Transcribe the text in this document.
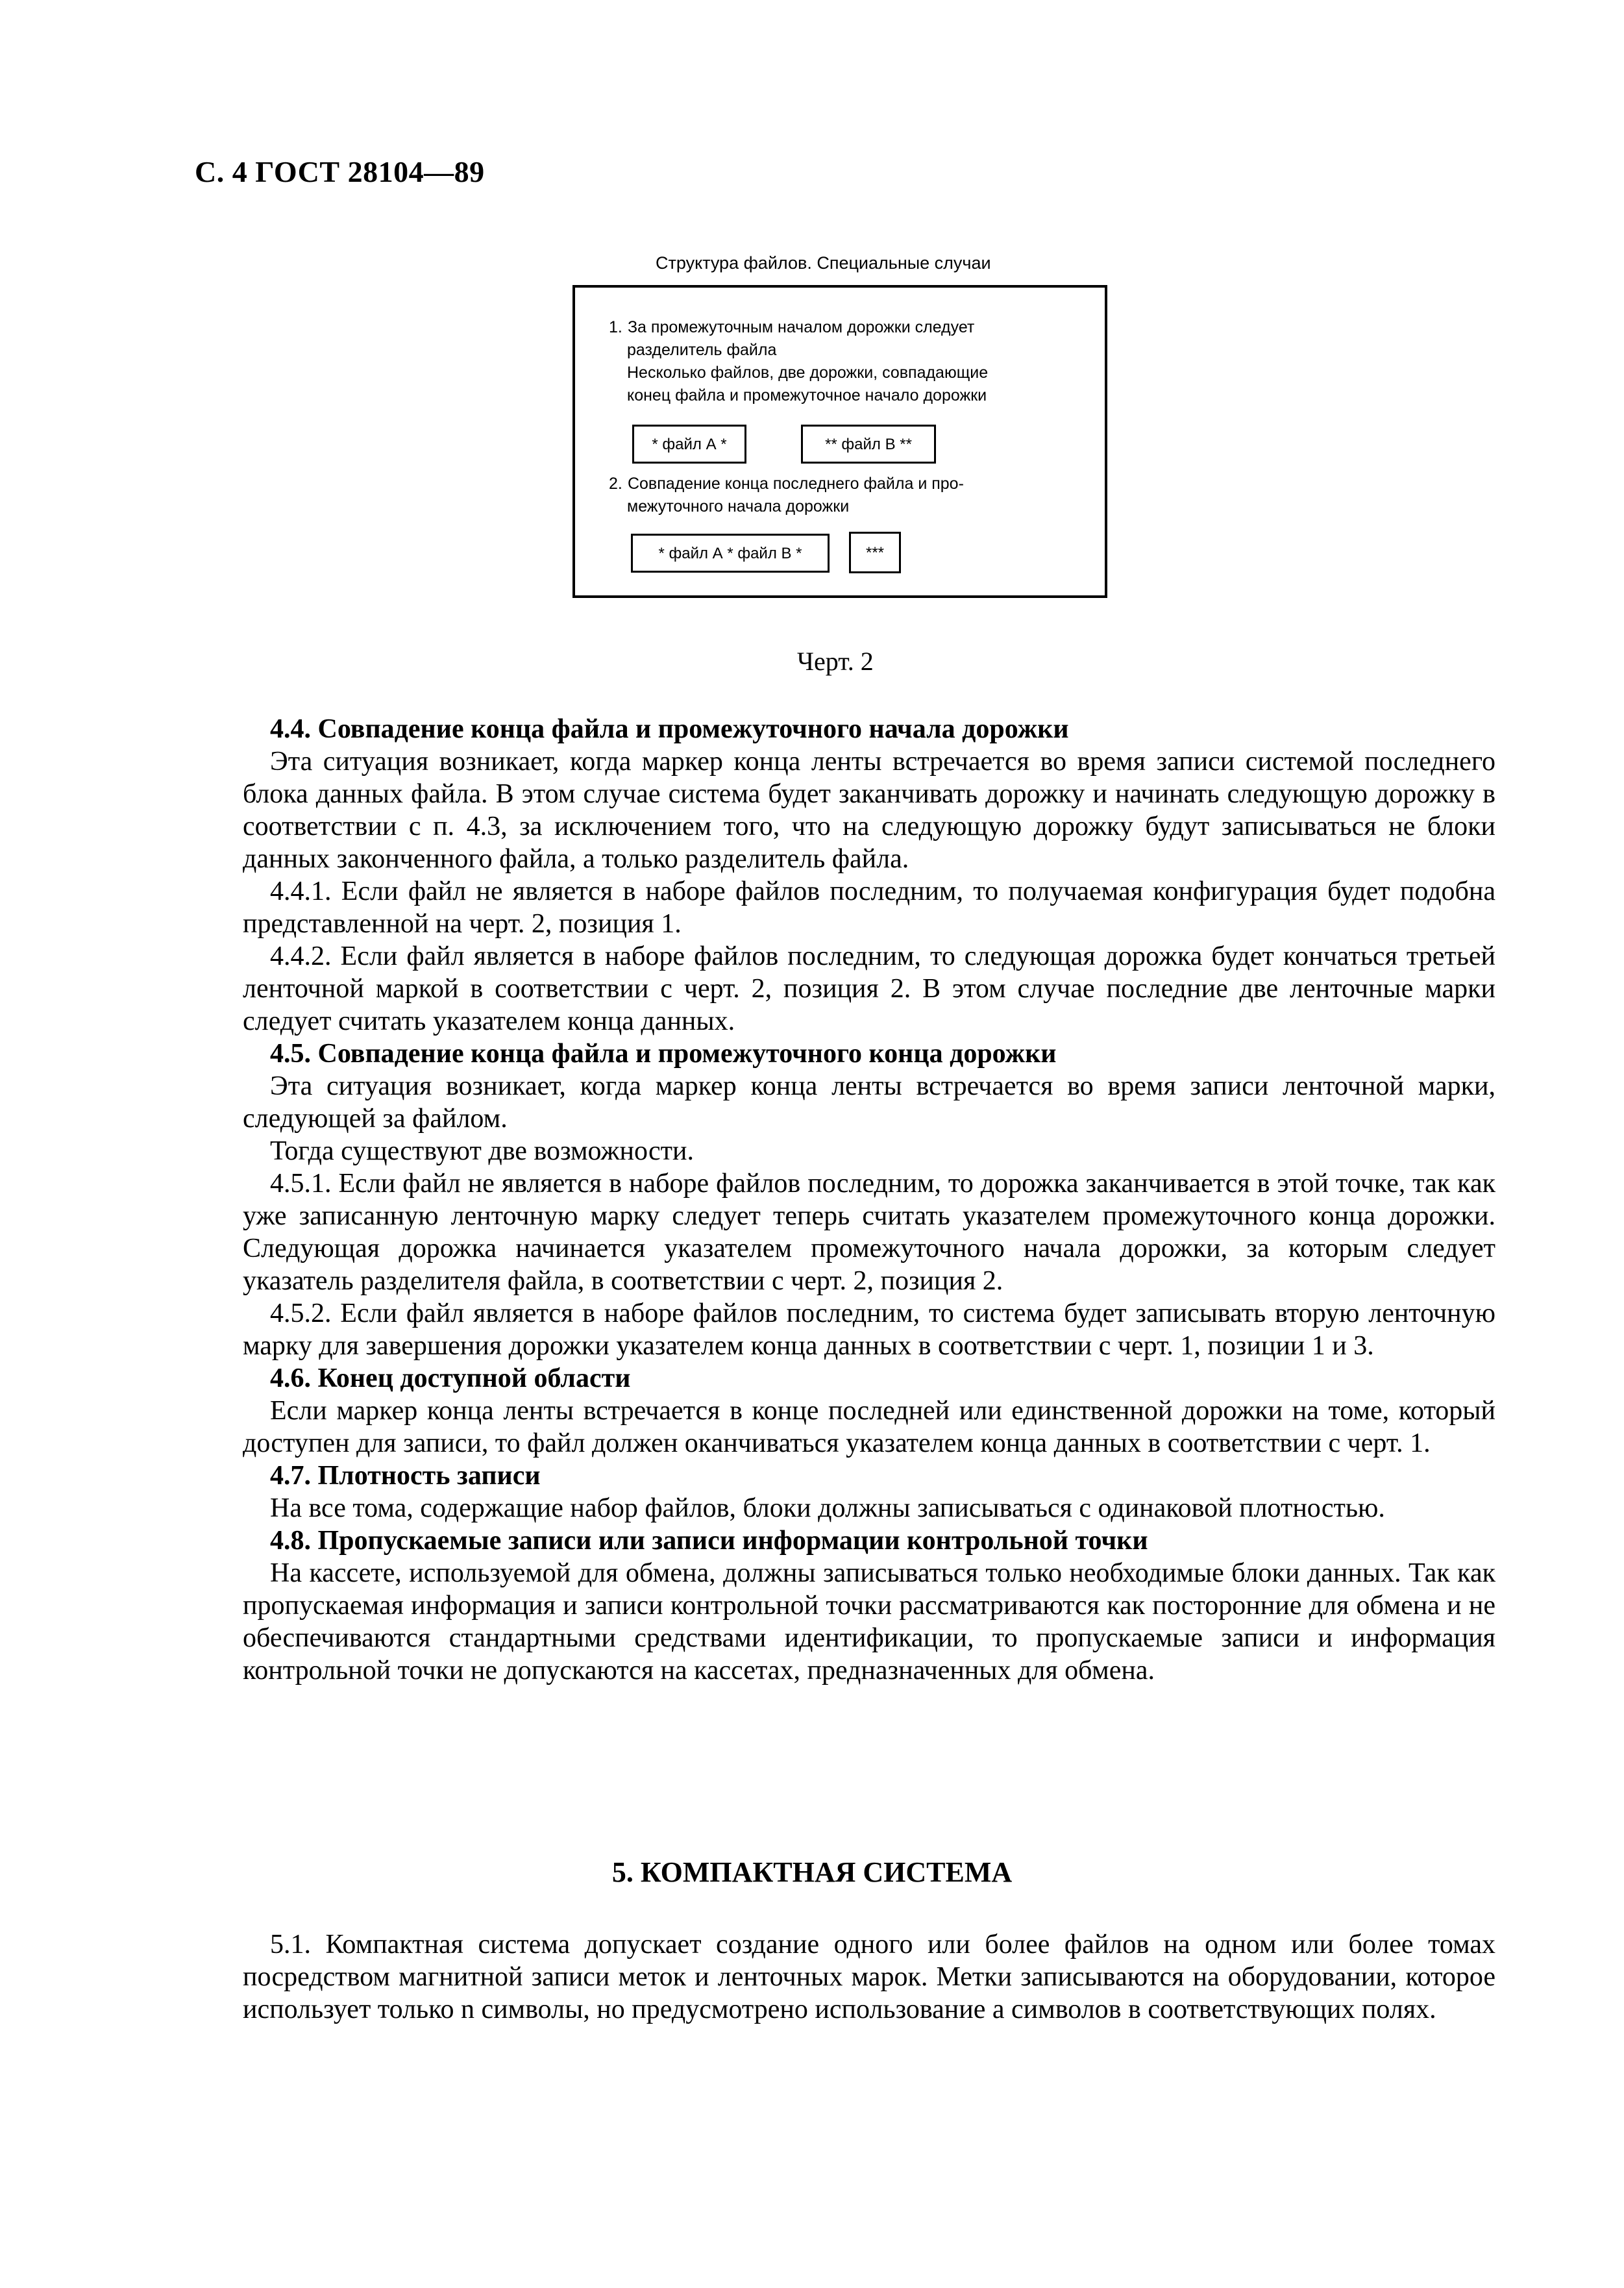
С. 4 ГОСТ 28104—89
Структура файлов. Специальные случаи
1. За промежуточным началом дорожки следует
разделитель файла
Несколько файлов, две дорожки, совпадающие
конец файла и промежуточное начало дорожки
* файл А *	** файл В **
2. Совпадение конца последнего файла и про-
межуточного начала дорожки
* файл А * файл В *	***
Черт. 2

4.4. Совпадение конца файла и промежуточного начала дорожки

Эта ситуация возникает, когда маркер конца ленты встречается во время записи системой последнего блока данных файла. В этом случае система будет заканчивать дорожку и начинать следующую дорожку в соответствии с п. 4.3, за исключением того, что на следующую дорожку будут записываться не блоки данных законченного файла, а только разделитель файла.

4.4.1. Если файл не является в наборе файлов последним, то получаемая конфигурация будет подобна представленной на черт. 2, позиция 1.

4.4.2. Если файл является в наборе файлов последним, то следующая дорожка будет кончаться третьей ленточной маркой в соответствии с черт. 2, позиция 2. В этом случае последние две ленточные марки следует считать указателем конца данных.

4.5. Совпадение конца файла и промежуточного конца дорожки

Эта ситуация возникает, когда маркер конца ленты встречается во время записи ленточной марки, следующей за файлом.

Тогда существуют две возможности.

4.5.1. Если файл не является в наборе файлов последним, то дорожка заканчивается в этой точке, так как уже записанную ленточную марку следует теперь считать указателем промежуточного конца дорожки. Следующая дорожка начинается указателем промежуточного начала дорожки, за которым следует указатель разделителя файла, в соответствии с черт. 2, позиция 2.

4.5.2. Если файл является в наборе файлов последним, то система будет записывать вторую ленточную марку для завершения дорожки указателем конца данных в соответствии с черт. 1, позиции 1 и 3.

4.6. Конец доступной области

Если маркер конца ленты встречается в конце последней или единственной дорожки на томе, который доступен для записи, то файл должен оканчиваться указателем конца данных в соответствии с черт. 1.

4.7. Плотность записи

На все тома, содержащие набор файлов, блоки должны записываться с одинаковой плотностью.

4.8. Пропускаемые записи или записи информации контрольной точки

На кассете, используемой для обмена, должны записываться только необходимые блоки данных. Так как пропускаемая информация и записи контрольной точки рассматриваются как посторонние для обмена и не обеспечиваются стандартными средствами идентификации, то пропускаемые записи и информация контрольной точки не допускаются на кассетах, предназначенных для обмена.

5. КОМПАКТНАЯ СИСТЕМА

5.1. Компактная система допускает создание одного или более файлов на одном или более томах посредством магнитной записи меток и ленточных марок. Метки записываются на оборудовании, которое использует только n символы, но предусмотрено использование a символов в соответствующих полях.
